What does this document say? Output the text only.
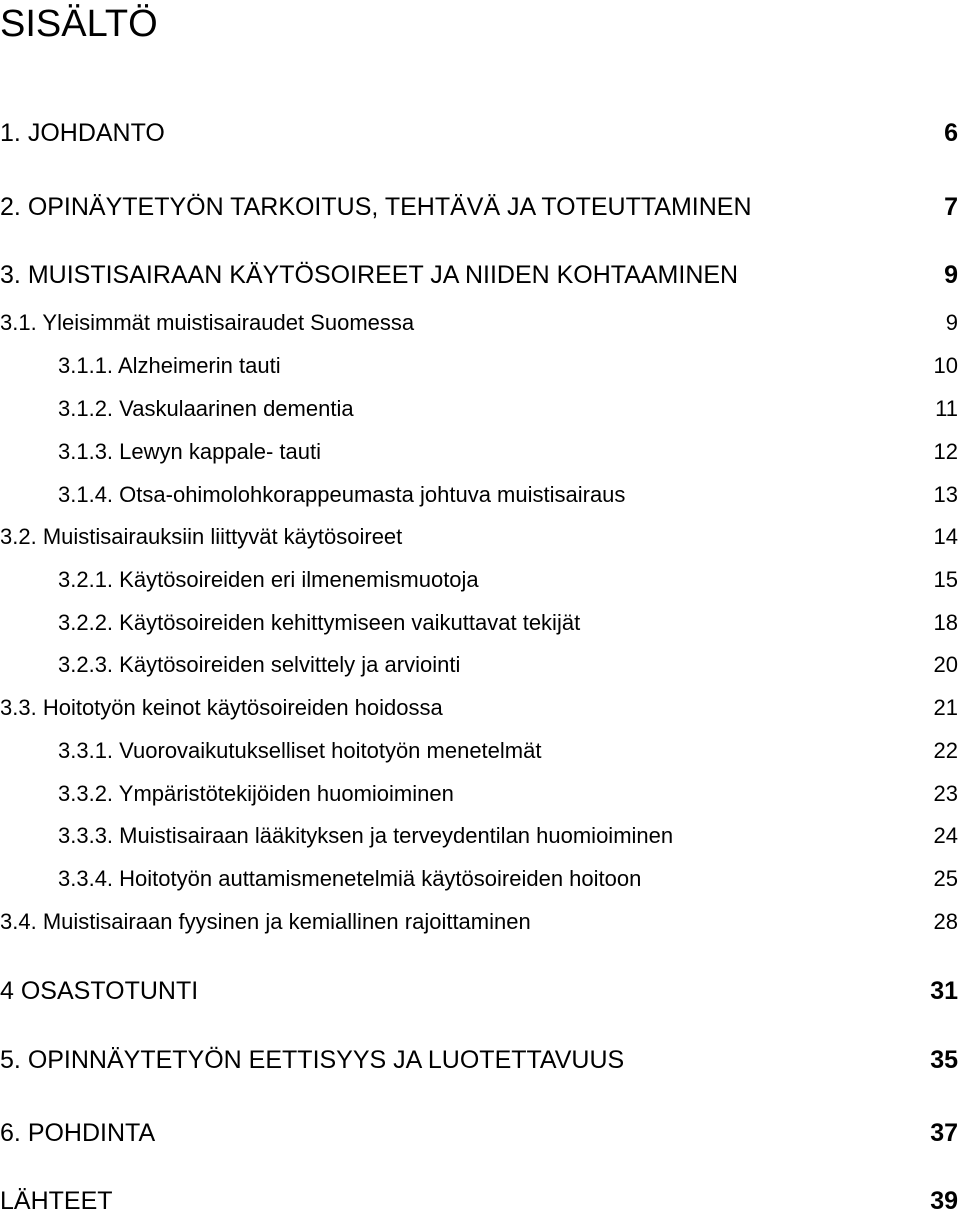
SISÄLTÖ
1. JOHDANTO	6
2. OPINÄYTETYÖN TARKOITUS, TEHTÄVÄ JA TOTEUTTAMINEN	7
3. MUISTISAIRAAN KÄYTÖSOIREET JA NIIDEN KOHTAAMINEN	9
3.1. Yleisimmät muistisairaudet Suomessa	9
3.1.1. Alzheimerin tauti	10
3.1.2. Vaskulaarinen dementia	11
3.1.3. Lewyn kappale- tauti	12
3.1.4. Otsa-ohimolohkorappeumasta johtuva muistisairaus	13
3.2. Muistisairauksiin liittyvät käytösoireet	14
3.2.1. Käytösoireiden eri ilmenemismuotoja	15
3.2.2. Käytösoireiden kehittymiseen vaikuttavat tekijät	18
3.2.3. Käytösoireiden selvittely ja arviointi	20
3.3. Hoitotyön keinot käytösoireiden hoidossa	21
3.3.1. Vuorovaikutukselliset hoitotyön menetelmät	22
3.3.2. Ympäristötekijöiden huomioiminen	23
3.3.3. Muistisairaan lääkityksen ja terveydentilan huomioiminen	24
3.3.4. Hoitotyön auttamismenetelmiä käytösoireiden hoitoon	25
3.4. Muistisairaan fyysinen ja kemiallinen rajoittaminen	28
4 OSASTOTUNTI	31
5. OPINNÄYTETYÖN EETTISYYS JA LUOTETTAVUUS	35
6. POHDINTA	37
LÄHTEET	39
